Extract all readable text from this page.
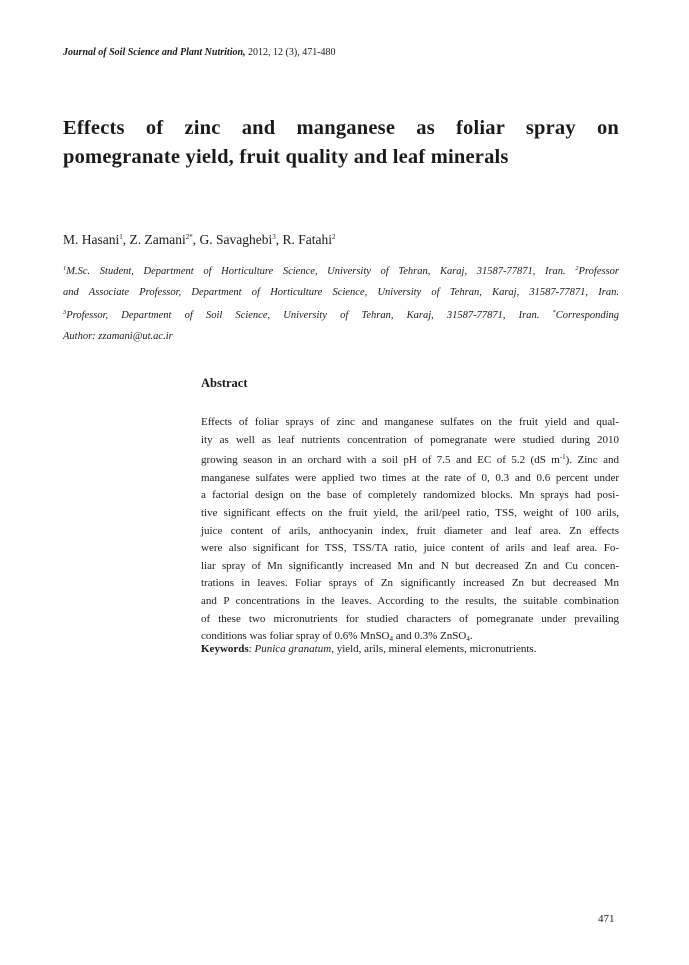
Journal of Soil Science and Plant Nutrition, 2012, 12 (3), 471-480
Effects of zinc and manganese as foliar spray on
pomegranate yield, fruit quality and leaf minerals
M. Hasani$^1$, Z. Zamani$^{2*}$, G. Savaghebi$^3$, R. Fatahi$^2$
$^1$M.Sc. Student, Department of Horticulture Science, University of Tehran, Karaj, 31587-77871, Iran. $^2$Professor
and Associate Professor, Department of Horticulture Science, University of Tehran, Karaj, 31587-77871, Iran.
$^3$Professor, Department of Soil Science, University of Tehran, Karaj, 31587-77871, Iran. *Corresponding
Author: zzamani@ut.ac.ir
Abstract
Effects of foliar sprays of zinc and manganese sulfates on the fruit yield and qual-
ity as well as leaf nutrients concentration of pomegranate were studied during 2010
growing season in an orchard with a soil pH of 7.5 and EC of 5.2 (dS $m^{-1}$). Zinc and
manganese sulfates were applied two times at the rate of 0, 0.3 and 0.6 percent under
a factorial design on the base of completely randomized blocks. Mn sprays had posi-
tive significant effects on the fruit yield, the aril/peel ratio, TSS, weight of 100 arils,
juice content of arils, anthocyanin index, fruit diameter and leaf area. Zn effects
were also significant for TSS, TSS/TA ratio, juice content of arils and leaf area. Fo-
liar spray of Mn significantly increased Mn and N but decreased Zn and Cu concen-
trations in leaves. Foliar sprays of Zn significantly increased Zn but decreased Mn
and P concentrations in the leaves. According to the results, the suitable combination
of these two micronutrients for studied characters of pomegranate under prevailing
conditions was foliar spray of 0.6% MnSO$_4$ and 0.3% ZnSO$_4$.
Keywords: Punica granatum, yield, arils, mineral elements, micronutrients.
471
